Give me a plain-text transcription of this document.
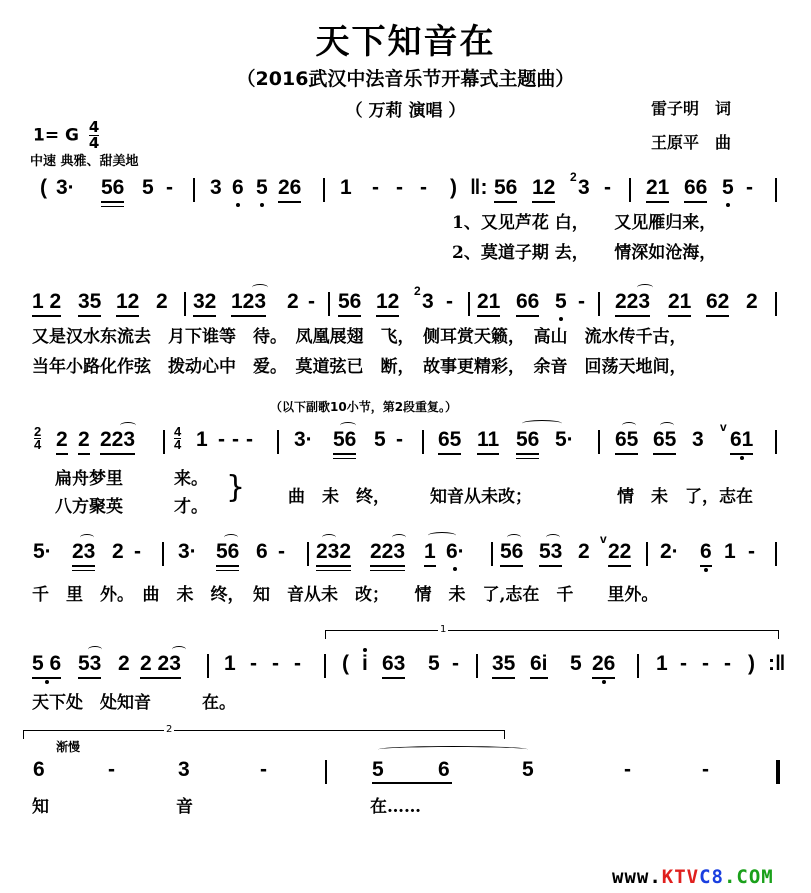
天下知音在
（2016武汉中法音乐节开幕式主题曲）
（ 万莉 演唱 ）	雷子明　词
王原平　曲
1= G $\frac{4}{4}$
中速 典雅、甜美地
( 3· 56 5 - 3 6 5 26 1 - - - ) ‖: 56 12 2 3 - 21 66 5 -
1、又见芦花 白，　　又见雁归来，
2、莫道子期 去，　　情深如沧海，
1 2 35 12 2 32 123 2 - 56 12 2 3 - 21 66 5 - 223 21 62 2
又是汉水东流去　月下谁等　待。　凤凰展翅　飞，　侧耳赏天籁，　高山　流水传千古，
当年小路化作弦　拨动心中　爱。　莫道弦已　断，　故事更精彩，　余音　回荡天地间，
（以下副歌10小节，第2段重复。）
$\frac{2}{4} 2$ 2 223	$\frac{4}{4} 1$ - - - 3· 56 5 - 65 11 56 5· 65 65 3
v
61
扁舟梦里　　　来。
八方聚英　　　才。
}	曲　未　终， 知音从未改；	情　未　了，志在
5· 23 2 - 3· 56 6 - 232 223 1 6· 56 53 2
v
22 2· 6 1 -
千　里　外。　曲　未　终，　知　音从未　改；　　情　未　了,志在　千　　里外。
1
5 6 53 2 2 23 1 - - - ( i 63 5 - 35 6i 5 26 1 - - - ) :‖
天下处　处知音　　　在。
2
渐慢
6	-	3	-	5	6	5	-	-
知	音	在……
www.KTVC8.COM
